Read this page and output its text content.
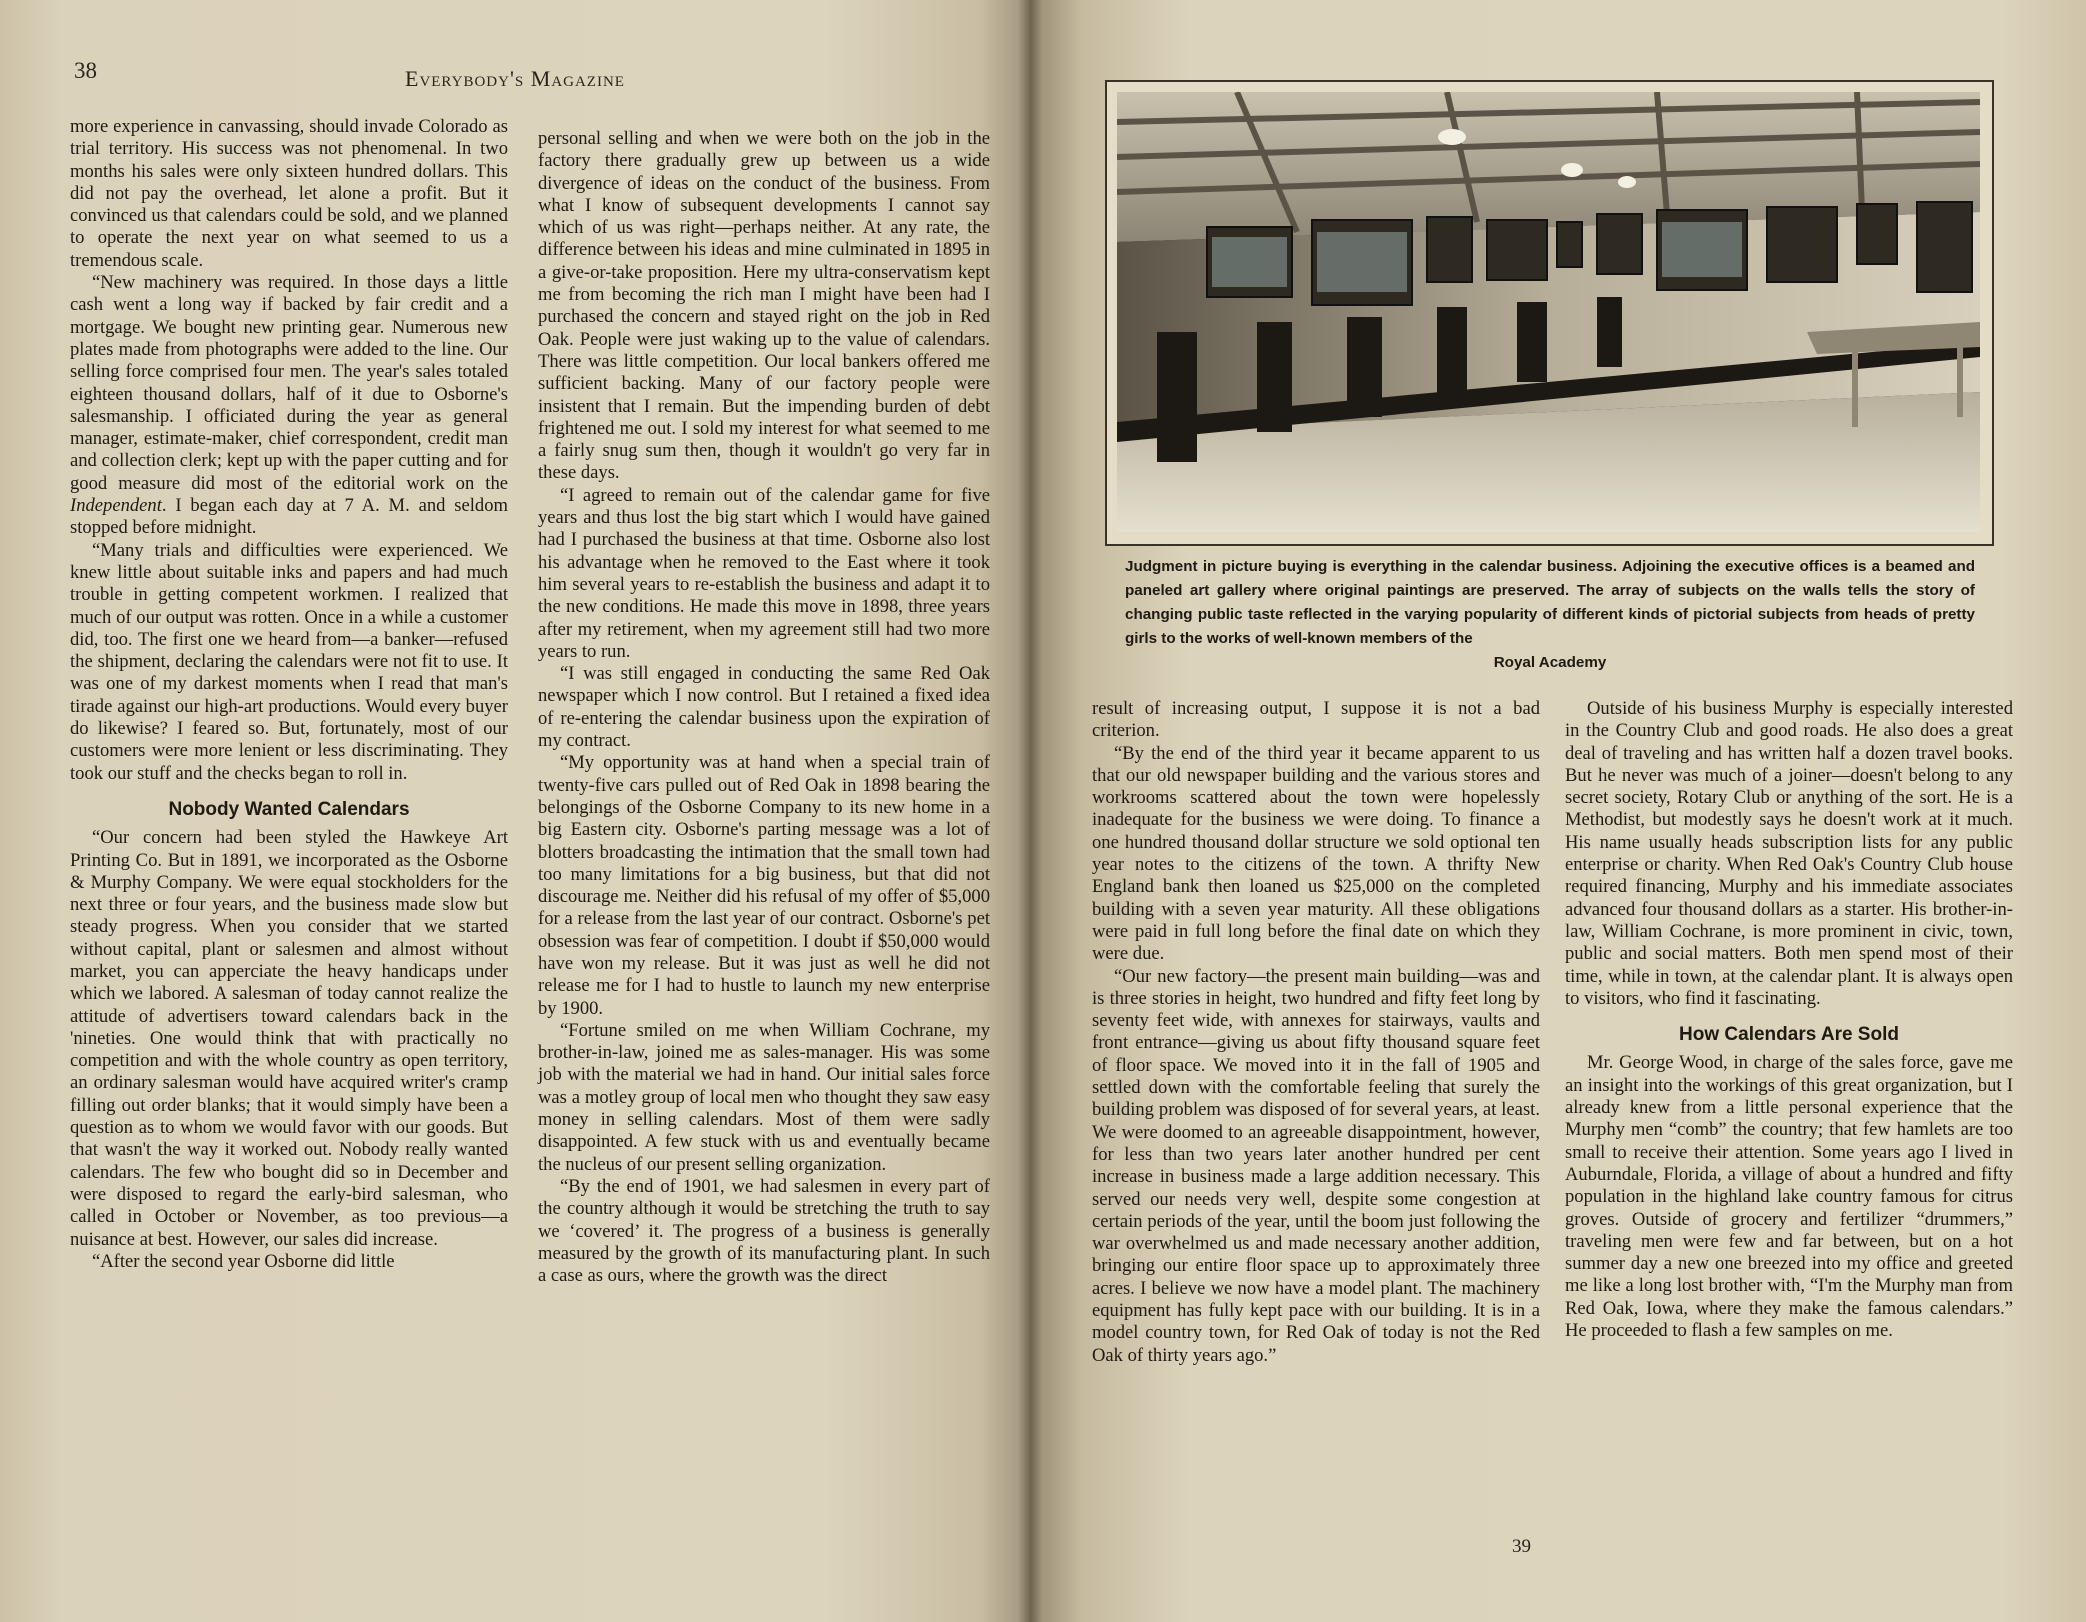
38	Everybody's Magazine

more experience in canvassing, should invade Colorado as trial territory. His success was not phenomenal. In two months his sales were only sixteen hundred dollars. This did not pay the overhead, let alone a profit. But it convinced us that calendars could be sold, and we planned to operate the next year on what seemed to us a tremendous scale.

“New machinery was required. In those days a little cash went a long way if backed by fair credit and a mortgage. We bought new printing gear. Numerous new plates made from photographs were added to the line. Our selling force comprised four men. The year's sales totaled eighteen thousand dollars, half of it due to Osborne's salesmanship. I officiated during the year as general manager, estimate-maker, chief correspondent, credit man and collection clerk; kept up with the paper cutting and for good measure did most of the editorial work on the Independent. I began each day at 7 A. M. and seldom stopped before midnight.

“Many trials and difficulties were experienced. We knew little about suitable inks and papers and had much trouble in getting competent workmen. I realized that much of our output was rotten. Once in a while a customer did, too. The first one we heard from—a banker—refused the shipment, declaring the calendars were not fit to use. It was one of my darkest moments when I read that man's tirade against our high-art productions. Would every buyer do likewise? I feared so. But, fortunately, most of our customers were more lenient or less discriminating. They took our stuff and the checks began to roll in.

Nobody Wanted Calendars

“Our concern had been styled the Hawkeye Art Printing Co. But in 1891, we incorporated as the Osborne & Murphy Company. We were equal stockholders for the next three or four years, and the business made slow but steady progress. When you consider that we started without capital, plant or salesmen and almost without market, you can apperciate the heavy handicaps under which we labored. A salesman of today cannot realize the attitude of advertisers toward calendars back in the 'nineties. One would think that with practically no competition and with the whole country as open territory, an ordinary salesman would have acquired writer's cramp filling out order blanks; that it would simply have been a question as to whom we would favor with our goods. But that wasn't the way it worked out. Nobody really wanted calendars. The few who bought did so in December and were disposed to regard the early-bird salesman, who called in October or November, as too previous—a nuisance at best. However, our sales did increase.

“After the second year Osborne did little

personal selling and when we were both on the job in the factory there gradually grew up between us a wide divergence of ideas on the conduct of the business. From what I know of subsequent developments I cannot say which of us was right—perhaps neither. At any rate, the difference between his ideas and mine culminated in 1895 in a give-or-take proposition. Here my ultra-conservatism kept me from becoming the rich man I might have been had I purchased the concern and stayed right on the job in Red Oak. People were just waking up to the value of calendars. There was little competition. Our local bankers offered me sufficient backing. Many of our factory people were insistent that I remain. But the impending burden of debt frightened me out. I sold my interest for what seemed to me a fairly snug sum then, though it wouldn't go very far in these days.

“I agreed to remain out of the calendar game for five years and thus lost the big start which I would have gained had I purchased the business at that time. Osborne also lost his advantage when he removed to the East where it took him several years to re-establish the business and adapt it to the new conditions. He made this move in 1898, three years after my retirement, when my agreement still had two more years to run.

“I was still engaged in conducting the same Red Oak newspaper which I now control. But I retained a fixed idea of re-entering the calendar business upon the expiration of my contract.

“My opportunity was at hand when a special train of twenty-five cars pulled out of Red Oak in 1898 bearing the belongings of the Osborne Company to its new home in a big Eastern city. Osborne's parting message was a lot of blotters broadcasting the intimation that the small town had too many limitations for a big business, but that did not discourage me. Neither did his refusal of my offer of $5,000 for a release from the last year of our contract. Osborne's pet obsession was fear of competition. I doubt if $50,000 would have won my release. But it was just as well he did not release me for I had to hustle to launch my new enterprise by 1900.

“Fortune smiled on me when William Cochrane, my brother-in-law, joined me as sales-manager. His was some job with the material we had in hand. Our initial sales force was a motley group of local men who thought they saw easy money in selling calendars. Most of them were sadly disappointed. A few stuck with us and eventually became the nucleus of our present selling organization.

“By the end of 1901, we had salesmen in every part of the country although it would be stretching the truth to say we ‘covered’ it. The progress of a business is generally measured by the growth of its manufacturing plant. In such a case as ours, where the growth was the direct

39
Judgment in picture buying is everything in the calendar business. Adjoining the executive offices is a beamed and paneled art gallery where original paintings are preserved. The array of subjects on the walls tells the story of changing public taste reflected in the varying popularity of different kinds of pictorial subjects from heads of pretty girls to the works of well-known members of the
Royal Academy

result of increasing output, I suppose it is not a bad criterion.

“By the end of the third year it became apparent to us that our old newspaper building and the various stores and workrooms scattered about the town were hopelessly inadequate for the business we were doing. To finance a one hundred thousand dollar structure we sold optional ten year notes to the citizens of the town. A thrifty New England bank then loaned us $25,000 on the completed building with a seven year maturity. All these obligations were paid in full long before the final date on which they were due.

“Our new factory—the present main building—was and is three stories in height, two hundred and fifty feet long by seventy feet wide, with annexes for stairways, vaults and front entrance—giving us about fifty thousand square feet of floor space. We moved into it in the fall of 1905 and settled down with the comfortable feeling that surely the building problem was disposed of for several years, at least. We were doomed to an agreeable disappointment, however, for less than two years later another hundred per cent increase in business made a large addition necessary. This served our needs very well, despite some congestion at certain periods of the year, until the boom just following the war overwhelmed us and made necessary another addition, bringing our entire floor space up to approximately three acres. I believe we now have a model plant. The machinery equipment has fully kept pace with our building. It is in a model country town, for Red Oak of today is not the Red Oak of thirty years ago.”

Outside of his business Murphy is especially interested in the Country Club and good roads. He also does a great deal of traveling and has written half a dozen travel books. But he never was much of a joiner—doesn't belong to any secret society, Rotary Club or anything of the sort. He is a Methodist, but modestly says he doesn't work at it much. His name usually heads subscription lists for any public enterprise or charity. When Red Oak's Country Club house required financing, Murphy and his immediate associates advanced four thousand dollars as a starter. His brother-in-law, William Cochrane, is more prominent in civic, town, public and social matters. Both men spend most of their time, while in town, at the calendar plant. It is always open to visitors, who find it fascinating.

How Calendars Are Sold

Mr. George Wood, in charge of the sales force, gave me an insight into the workings of this great organization, but I already knew from a little personal experience that the Murphy men “comb” the country; that few hamlets are too small to receive their attention. Some years ago I lived in Auburndale, Florida, a village of about a hundred and fifty population in the highland lake country famous for citrus groves. Outside of grocery and fertilizer “drummers,” traveling men were few and far between, but on a hot summer day a new one breezed into my office and greeted me like a long lost brother with, “I'm the Murphy man from Red Oak, Iowa, where they make the famous calendars.” He proceeded to flash a few samples on me.
